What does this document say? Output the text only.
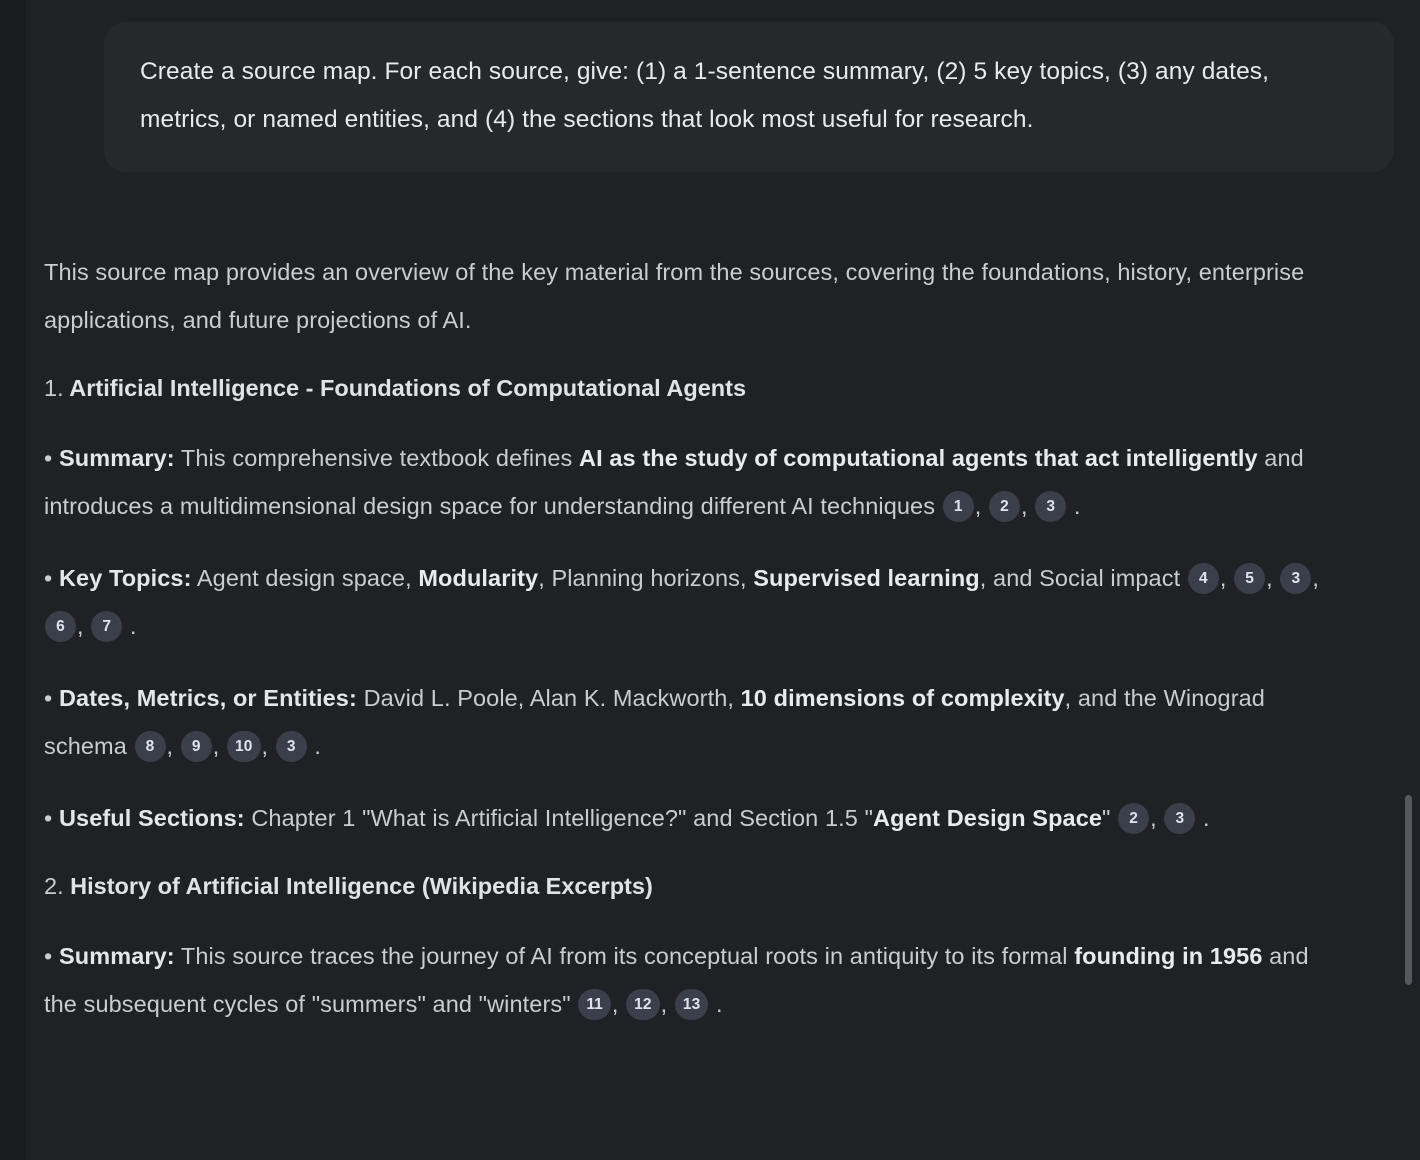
Create a source map. For each source, give: (1) a 1-sentence summary, (2) 5 key topics, (3) any dates, metrics, or named entities, and (4) the sections that look most useful for research.

This source map provides an overview of the key material from the sources, covering the foundations, history, enterprise applications, and future projections of AI.

1. Artificial Intelligence - Foundations of Computational Agents

• Summary: This comprehensive textbook defines AI as the study of computational agents that act intelligently and introduces a multidimensional design space for understanding different AI techniques 1 , 2 , 3 .

• Key Topics: Agent design space, Modularity, Planning horizons, Supervised learning, and Social impact 4 , 5 , 3 , 6 , 7 .

• Dates, Metrics, or Entities: David L. Poole, Alan K. Mackworth, 10 dimensions of complexity, and the Winograd schema 8 , 9 , 10 , 3 .

• Useful Sections: Chapter 1 "What is Artificial Intelligence?" and Section 1.5 "Agent Design Space" 2 , 3 .

2. History of Artificial Intelligence (Wikipedia Excerpts)

• Summary: This source traces the journey of AI from its conceptual roots in antiquity to its formal founding in 1956 and the subsequent cycles of "summers" and "winters" 11 , 12 , 13 .
